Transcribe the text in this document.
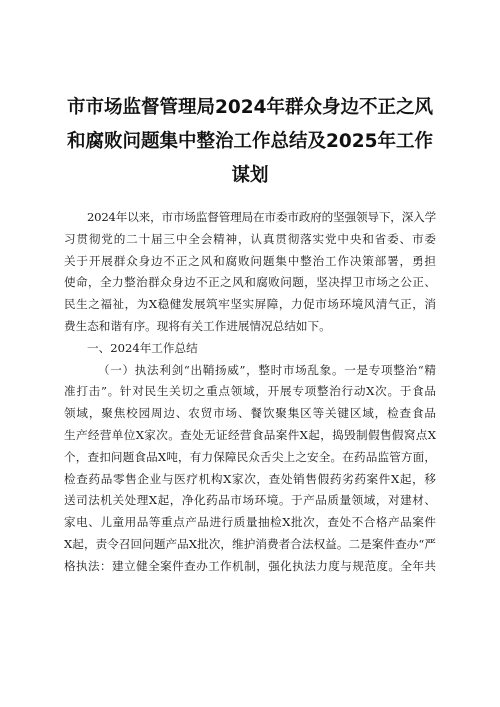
市市场监督管理局2024年群众身边不正之风
和腐败问题集中整治工作总结及2025年工作
谋划
2024年以来，市市场监督管理局在市委市政府的坚强领导下，深入学
习贯彻党的二十届三中全会精神，认真贯彻落实党中央和省委、市委
关于开展群众身边不正之风和腐败问题集中整治工作决策部署，勇担
使命，全力整治群众身边不正之风和腐败问题，坚决捍卫市场之公正、
民生之福祉，为X稳健发展筑牢坚实屏障，力促市场环境风清气正，消
费生态和谐有序。现将有关工作进展情况总结如下。
一、2024年工作总结
（一）执法利剑“出鞘扬威”，整时市场乱象。一是专项整治“精
准打击”。针对民生关切之重点领域，开展专项整治行动X次。于食品
领域，聚焦校园周边、农贸市场、餐饮聚集区等关键区域，检查食品
生产经营单位X家次。查处无证经营食品案件X起，捣毁制假售假窝点X
个，查扣问题食品X吨，有力保障民众舌尖上之安全。在药品监管方面，
检查药品零售企业与医疗机构X家次，查处销售假药劣药案件X起，移
送司法机关处理X起，净化药品市场环境。于产品质量领域，对建材、
家电、儿童用品等重点产品进行质量抽检X批次，查处不合格产品案件
X起，责令召回问题产品X批次，维护消费者合法权益。二是案件查办“严
格执法：建立健全案件查办工作机制，强化执法力度与规范度。全年共
